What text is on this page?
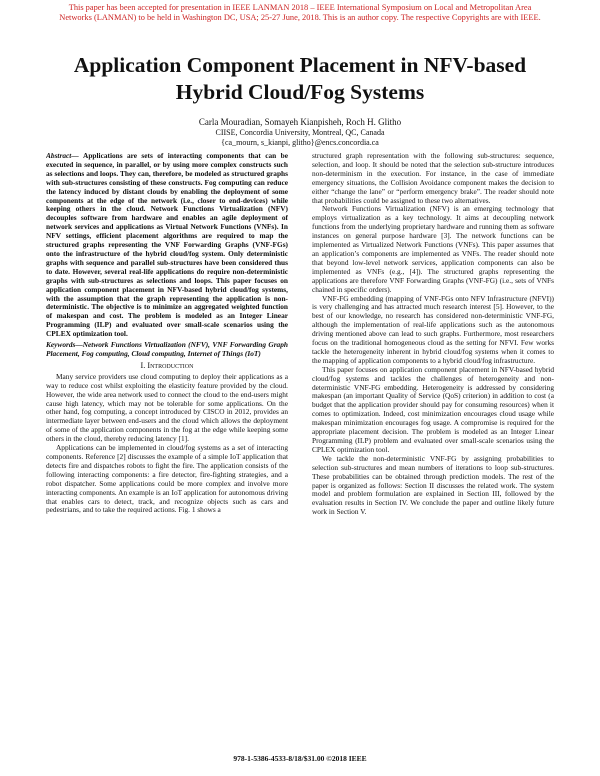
This paper has been accepted for presentation in IEEE LANMAN 2018 – IEEE International Symposium on Local and Metropolitan Area
Networks (LANMAN) to be held in Washington DC, USA; 25-27 June, 2018. This is an author copy. The respective Copyrights are with IEEE.
Application Component Placement in NFV-based
Hybrid Cloud/Fog Systems
Carla Mouradian, Somayeh Kianpisheh, Roch H. Glitho
CIISE, Concordia University, Montreal, QC, Canada
{ca_mourn, s_kianpi, glitho}@encs.concordia.ca
Abstract— Applications are sets of interacting components that can be executed in sequence, in parallel, or by using more complex constructs such as selections and loops. They can, therefore, be modeled as structured graphs with sub-structures consisting of these constructs. Fog computing can reduce the latency induced by distant clouds by enabling the deployment of some components at the edge of the network (i.e., closer to end-devices) while keeping others in the cloud. Network Functions Virtualization (NFV) decouples software from hardware and enables an agile deployment of network services and applications as Virtual Network Functions (VNFs). In NFV settings, efficient placement algorithms are required to map the structured graphs representing the VNF Forwarding Graphs (VNF-FGs) onto the infrastructure of the hybrid cloud/fog system. Only deterministic graphs with sequence and parallel sub-structures have been considered thus to date. However, several real-life applications do require non-deterministic graphs with sub-structures as selections and loops. This paper focuses on application component placement in NFV-based hybrid cloud/fog systems, with the assumption that the graph representing the application is non-deterministic. The objective is to minimize an aggregated weighted function of makespan and cost. The problem is modeled as an Integer Linear Programming (ILP) and evaluated over small-scale scenarios using the CPLEX optimization tool.
Keywords—Network Functions Virtualization (NFV), VNF Forwarding Graph Placement, Fog computing, Cloud computing, Internet of Things (IoT)
I. Introduction
Many service providers use cloud computing to deploy their applications as a way to reduce cost whilst exploiting the elasticity feature provided by the cloud. However, the wide area network used to connect the cloud to the end-users might cause high latency, which may not be tolerable for some applications. On the other hand, fog computing, a concept introduced by CISCO in 2012, provides an intermediate layer between end-users and the cloud which allows the deployment of some of the application components in the fog at the edge while keeping some others in the cloud, thereby reducing latency [1].
Applications can be implemented in cloud/fog systems as a set of interacting components. Reference [2] discusses the example of a simple IoT application that detects fire and dispatches robots to fight the fire. The application consists of the following interacting components: a fire detector, fire-fighting strategies, and a robot dispatcher. Some applications could be more complex and involve more interacting components. An example is an IoT application for autonomous driving that enables cars to detect, track, and recognize objects such as cars and pedestrians, and to take the required actions. Fig. 1 shows a
structured graph representation with the following sub-structures: sequence, selection, and loop. It should be noted that the selection sub-structure introduces non-determinism in the execution. For instance, in the case of immediate emergency situations, the Collision Avoidance component makes the decision to either “change the lane” or “perform emergency brake”. The reader should note that probabilities could be assigned to these two alternatives.
Network Functions Virtualization (NFV) is an emerging technology that employs virtualization as a key technology. It aims at decoupling network functions from the underlying proprietary hardware and running them as software instances on general purpose hardware [3]. The network functions can be implemented as Virtualized Network Functions (VNFs). This paper assumes that an application’s components are implemented as VNFs. The reader should note that beyond low-level network services, application components can also be implemented as VNFs (e.g., [4]). The structured graphs representing the applications are therefore VNF Forwarding Graphs (VNF-FG) (i.e., sets of VNFs chained in specific orders).
VNF-FG embedding (mapping of VNF-FGs onto NFV Infrastructure (NFVI)) is very challenging and has attracted much research interest [5]. However, to the best of our knowledge, no research has considered non-deterministic VNF-FG, although the implementation of real-life applications such as the autonomous driving mentioned above can lead to such graphs. Furthermore, most researchers focus on the traditional homogeneous cloud as the setting for NFVI. Few works tackle the heterogeneity inherent in hybrid cloud/fog systems when it comes to the mapping of application components to a hybrid cloud/fog infrastructure.
This paper focuses on application component placement in NFV-based hybrid cloud/fog systems and tackles the challenges of heterogeneity and non-deterministic VNF-FG embedding. Heterogeneity is addressed by considering makespan (an important Quality of Service (QoS) criterion) in addition to cost (a budget that the application provider should pay for consuming resources) when it comes to optimization. Indeed, cost minimization encourages cloud usage while makespan minimization encourages fog usage. A compromise is required for the appropriate placement decision. The problem is modeled as an Integer Linear Programming (ILP) problem and evaluated over small-scale scenarios using the CPLEX optimization tool.
We tackle the non-deterministic VNF-FG by assigning probabilities to selection sub-structures and mean numbers of iterations to loop sub-structures. These probabilities can be obtained through prediction models. The rest of the paper is organized as follows: Section II discusses the related work. The system model and problem formulation are explained in Section III, followed by the evaluation results in Section IV. We conclude the paper and outline likely future work in Section V.
978-1-5386-4533-8/18/$31.00 ©2018 IEEE
